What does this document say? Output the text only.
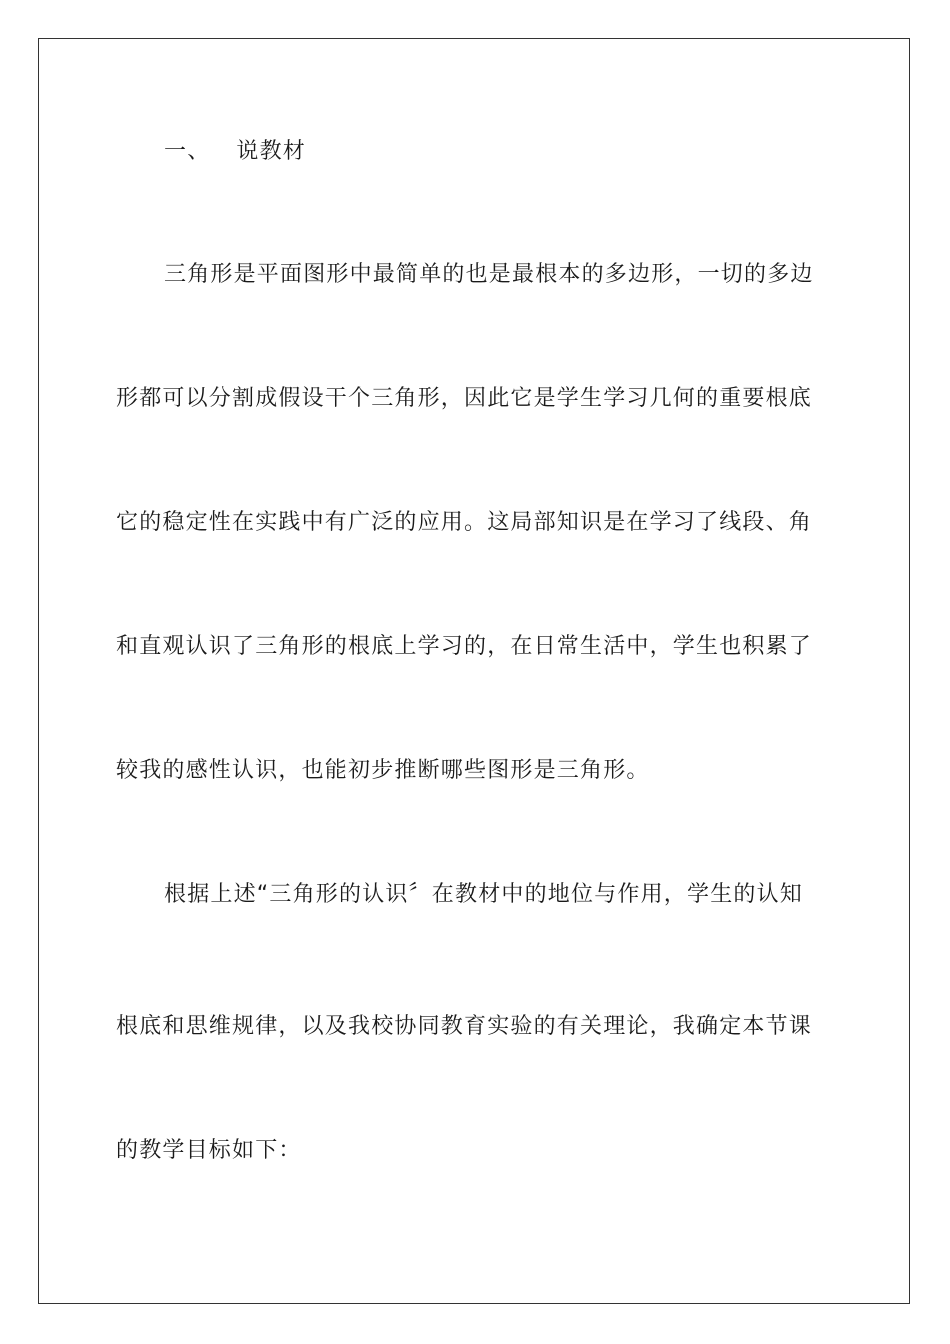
一、 说教材
三角形是平面图形中最简单的也是最根本的多边形，一切的多边
形都可以分割成假设干个三角形，因此它是学生学习几何的重要根底
它的稳定性在实践中有广泛的应用。这局部知识是在学习了线段、角
和直观认识了三角形的根底上学习的，在日常生活中，学生也积累了
较我的感性认识，也能初步推断哪些图形是三角形。
根据上述“三角形的认识〞在教材中的地位与作用，学生的认知
根底和思维规律，以及我校协同教育实验的有关理论，我确定本节课
的教学目标如下：
